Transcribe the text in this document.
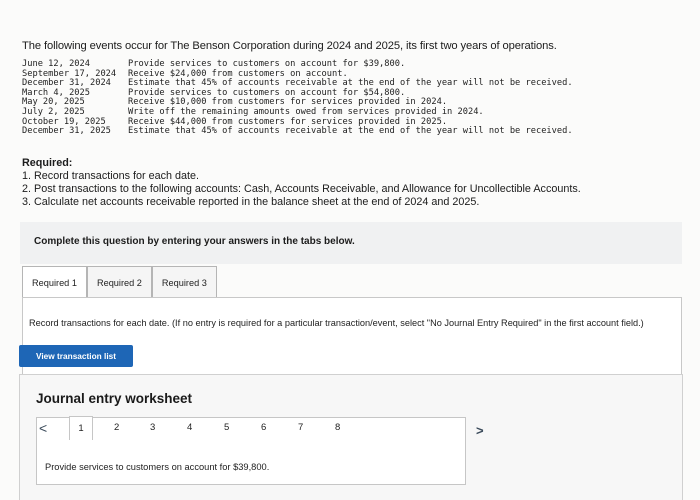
The following events occur for The Benson Corporation during 2024 and 2025, its first two years of operations.
June 12, 2024	Provide services to customers on account for $39,800.
September 17, 2024	Receive $24,000 from customers on account.
December 31, 2024	Estimate that 45% of accounts receivable at the end of the year will not be received.
March 4, 2025	Provide services to customers on account for $54,800.
May 20, 2025	Receive $10,000 from customers for services provided in 2024.
July 2, 2025	Write off the remaining amounts owed from services provided in 2024.
October 19, 2025	Receive $44,000 from customers for services provided in 2025.
December 31, 2025	Estimate that 45% of accounts receivable at the end of the year will not be received.
Required:
1. Record transactions for each date.
2. Post transactions to the following accounts: Cash, Accounts Receivable, and Allowance for Uncollectible Accounts.
3. Calculate net accounts receivable reported in the balance sheet at the end of 2024 and 2025.
Complete this question by entering your answers in the tabs below.
Required 1	Required 2	Required 3
Record transactions for each date. (If no entry is required for a particular transaction/event, select "No Journal Entry Required" in the first account field.)
View transaction list
Journal entry worksheet
<	1	2	3	4	5	6	7	8
Provide services to customers on account for $39,800.
>
